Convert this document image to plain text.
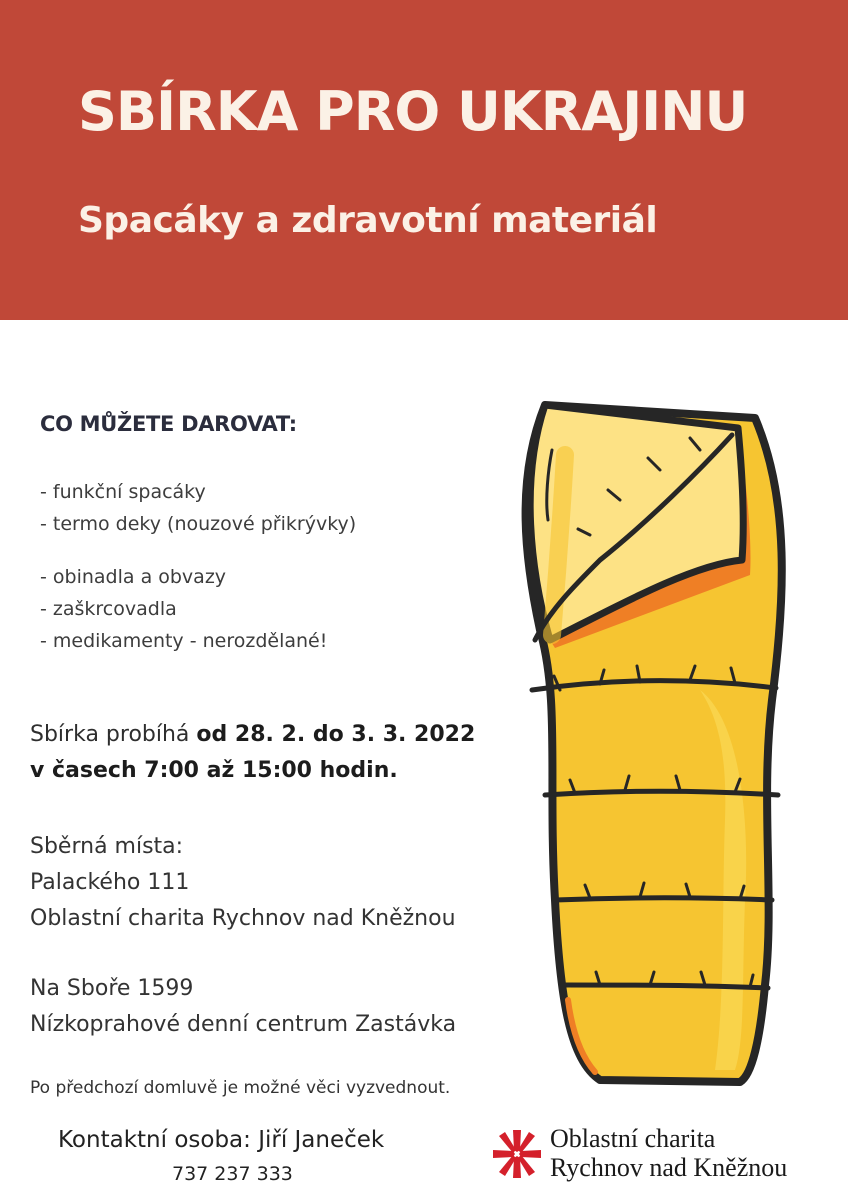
SBÍRKA PRO UKRAJINU
Spacáky a zdravotní materiál
CO MŮŽETE DAROVAT:
- funkční spacáky
- termo deky (nouzové přikrývky)
- obinadla a obvazy
- zaškrcovadla
- medikamenty - nerozdělané!
Sbírka probíhá od 28. 2. do 3. 3. 2022
v časech 7:00 až 15:00 hodin.
Sběrná místa:
Palackého 111
Oblastní charita Rychnov nad Kněžnou
Na Sboře 1599
Nízkoprahové denní centrum Zastávka
Po předchozí domluvě je možné věci vyzvednout.
Kontaktní osoba: Jiří Janeček
737 237 333
Oblastní charita
Rychnov nad Kněžnou
